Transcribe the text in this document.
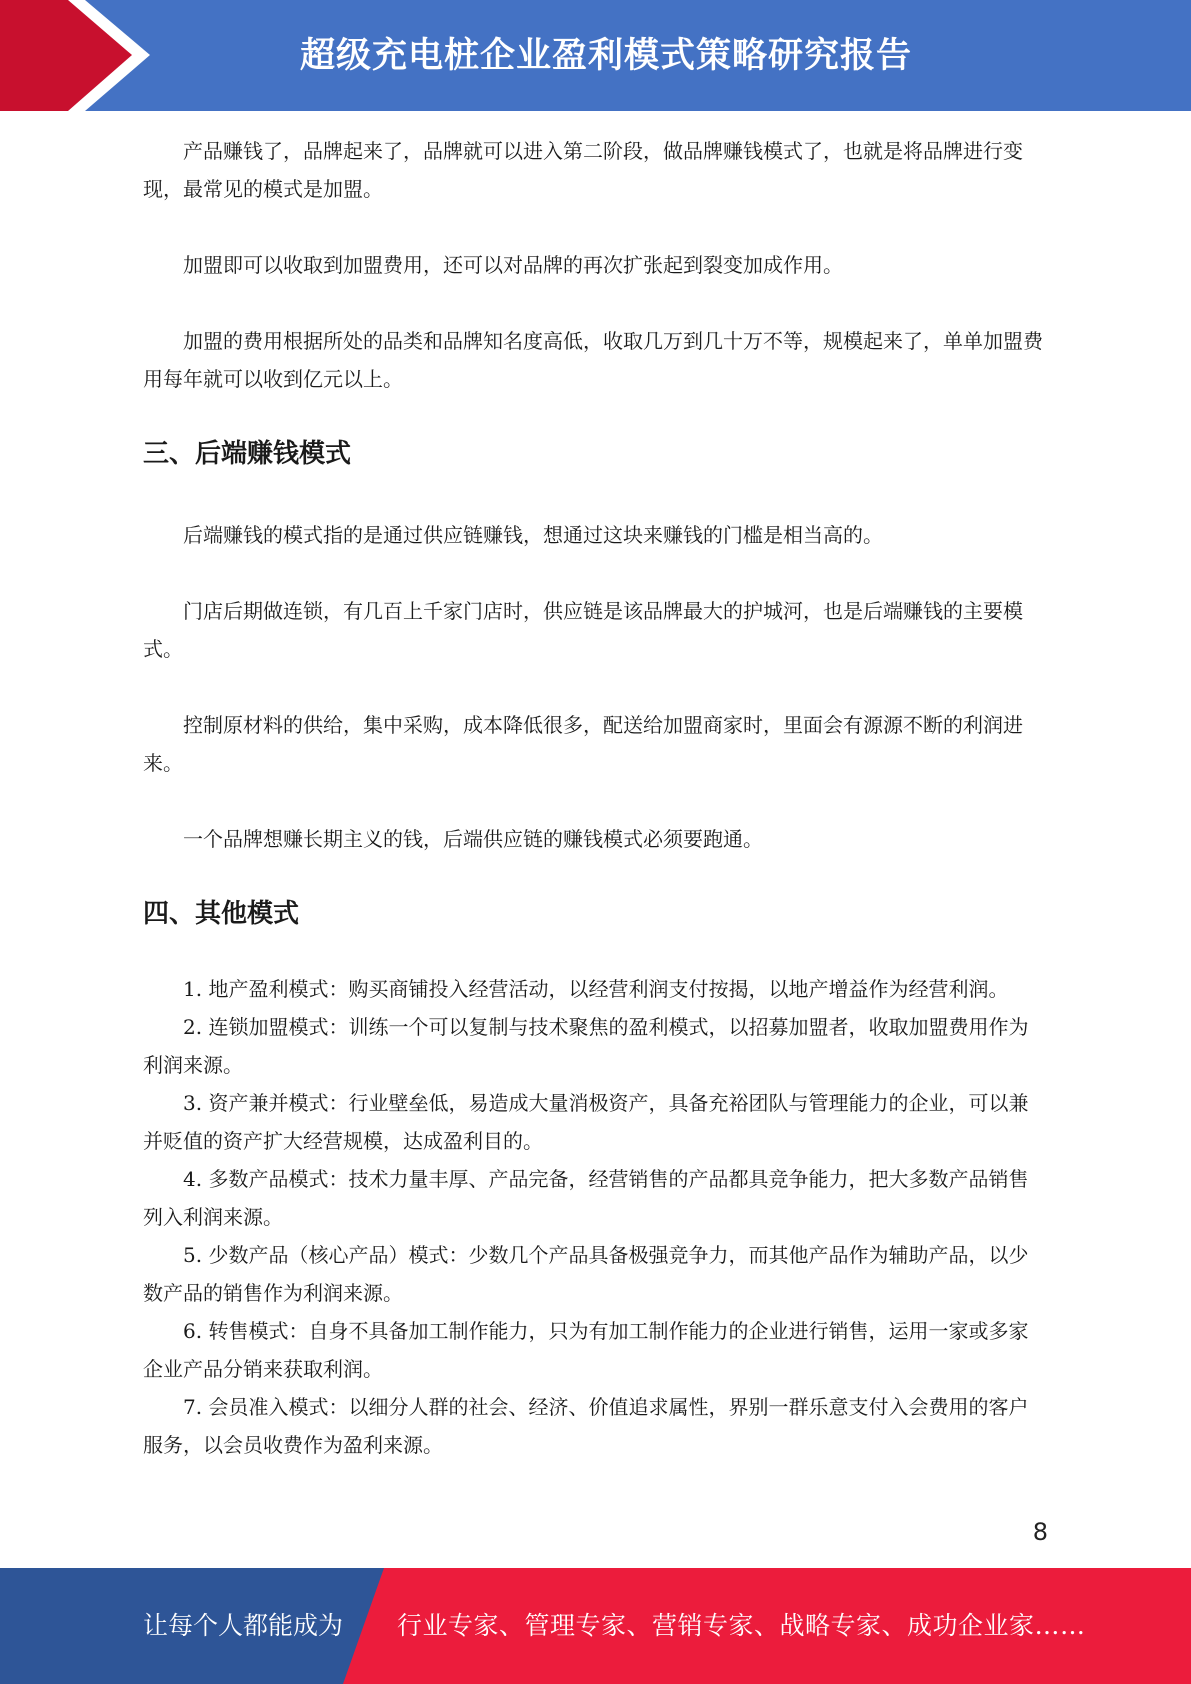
超级充电桩企业盈利模式策略研究报告

产品赚钱了，品牌起来了，品牌就可以进入第二阶段，做品牌赚钱模式了，也就是将品牌进行变现，最常见的模式是加盟。

加盟即可以收取到加盟费用，还可以对品牌的再次扩张起到裂变加成作用。

加盟的费用根据所处的品类和品牌知名度高低，收取几万到几十万不等，规模起来了，单单加盟费用每年就可以收到亿元以上。

三、后端赚钱模式

后端赚钱的模式指的是通过供应链赚钱，想通过这块来赚钱的门槛是相当高的。

门店后期做连锁，有几百上千家门店时，供应链是该品牌最大的护城河，也是后端赚钱的主要模式。

控制原材料的供给，集中采购，成本降低很多，配送给加盟商家时，里面会有源源不断的利润进来。

一个品牌想赚长期主义的钱，后端供应链的赚钱模式必须要跑通。

四、其他模式

1. 地产盈利模式：购买商铺投入经营活动，以经营利润支付按揭，以地产增益作为经营利润。

2. 连锁加盟模式：训练一个可以复制与技术聚焦的盈利模式，以招募加盟者，收取加盟费用作为利润来源。

3. 资产兼并模式：行业壁垒低，易造成大量消极资产，具备充裕团队与管理能力的企业，可以兼并贬值的资产扩大经营规模，达成盈利目的。

4. 多数产品模式：技术力量丰厚、产品完备，经营销售的产品都具竞争能力，把大多数产品销售列入利润来源。

5. 少数产品（核心产品）模式：少数几个产品具备极强竞争力，而其他产品作为辅助产品，以少数产品的销售作为利润来源。

6. 转售模式：自身不具备加工制作能力，只为有加工制作能力的企业进行销售，运用一家或多家企业产品分销来获取利润。

7. 会员准入模式：以细分人群的社会、经济、价值追求属性，界别一群乐意支付入会费用的客户服务，以会员收费作为盈利来源。

8
让每个人都能成为 行业专家、管理专家、营销专家、战略专家、成功企业家……
